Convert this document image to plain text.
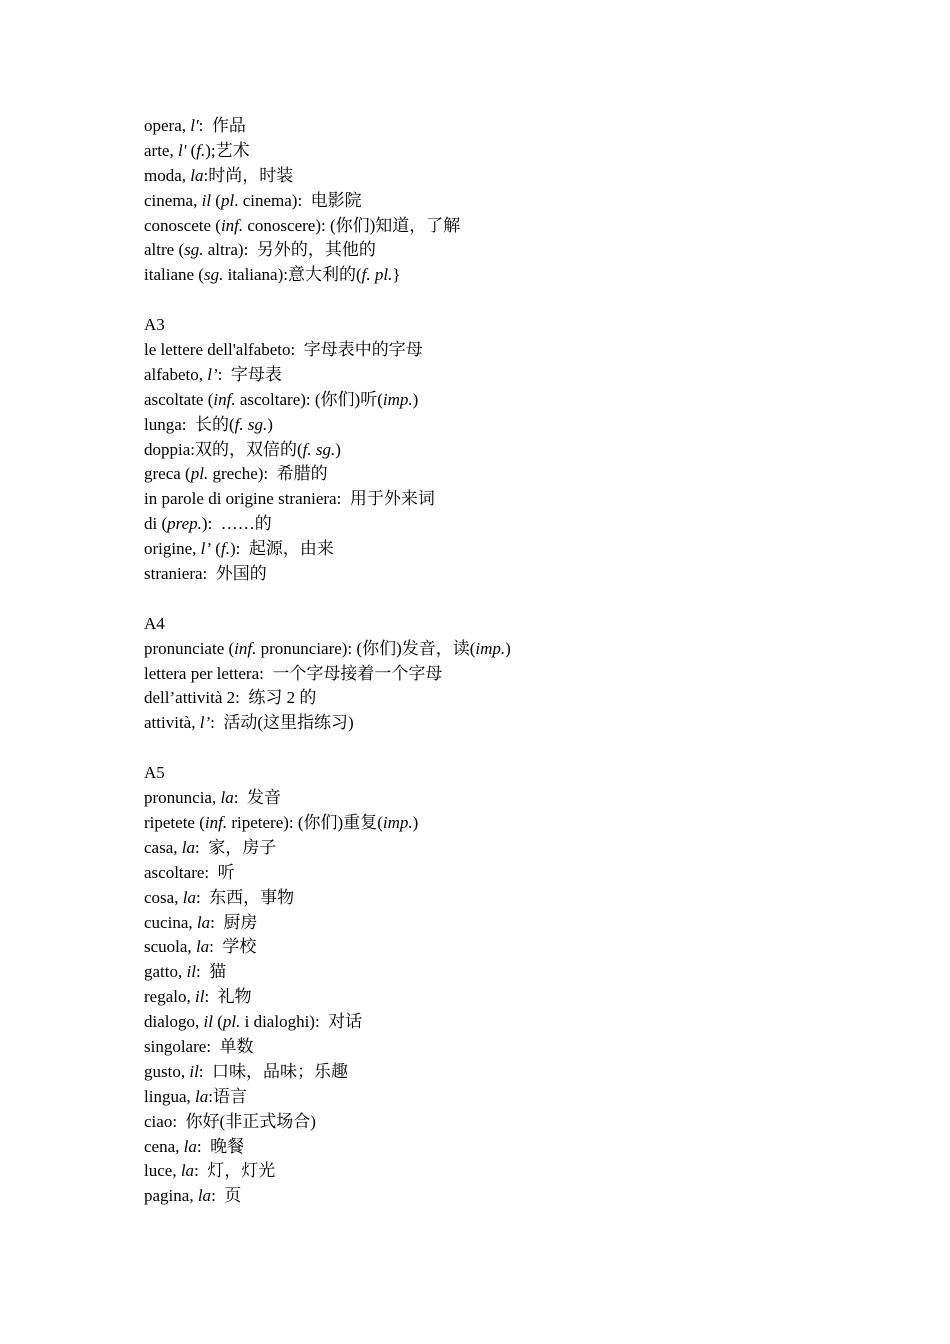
opera, l':  作品
arte, l' (f.);艺术
moda, la:时尚，时装
cinema, il (pl. cinema):  电影院
conoscete (inf. conoscere): (你们)知道，了解
altre (sg. altra):  另外的，其他的
italiane (sg. italiana):意大利的(f. pl.}
A3
le lettere dell'alfabeto:  字母表中的字母
alfabeto, l’:  字母表
ascoltate (inf. ascoltare): (你们)听(imp.)
lunga:  长的(f. sg.)
doppia:双的，双倍的(f. sg.)
greca (pl. greche):  希腊的
in parole di origine straniera:  用于外来词
di (prep.):  ……的
origine, l’ (f.):  起源，由来
straniera:  外国的
A4
pronunciate (inf. pronunciare): (你们)发音，读(imp.)
lettera per lettera:  一个字母接着一个字母
dell’attività 2:  练习 2 的
attività, l’:  活动(这里指练习)
A5
pronuncia, la:  发音
ripetete (inf. ripetere): (你们)重复(imp.)
casa, la:  家，房子
ascoltare:  听
cosa, la:  东西，事物
cucina, la:  厨房
scuola, la:  学校
gatto, il:  猫
regalo, il:  礼物
dialogo, il (pl. i dialoghi):  对话
singolare:  单数
gusto, il:  口味，品味；乐趣
lingua, la:语言
ciao:  你好(非正式场合)
cena, la:  晚餐
luce, la:  灯，灯光
pagina, la:  页
